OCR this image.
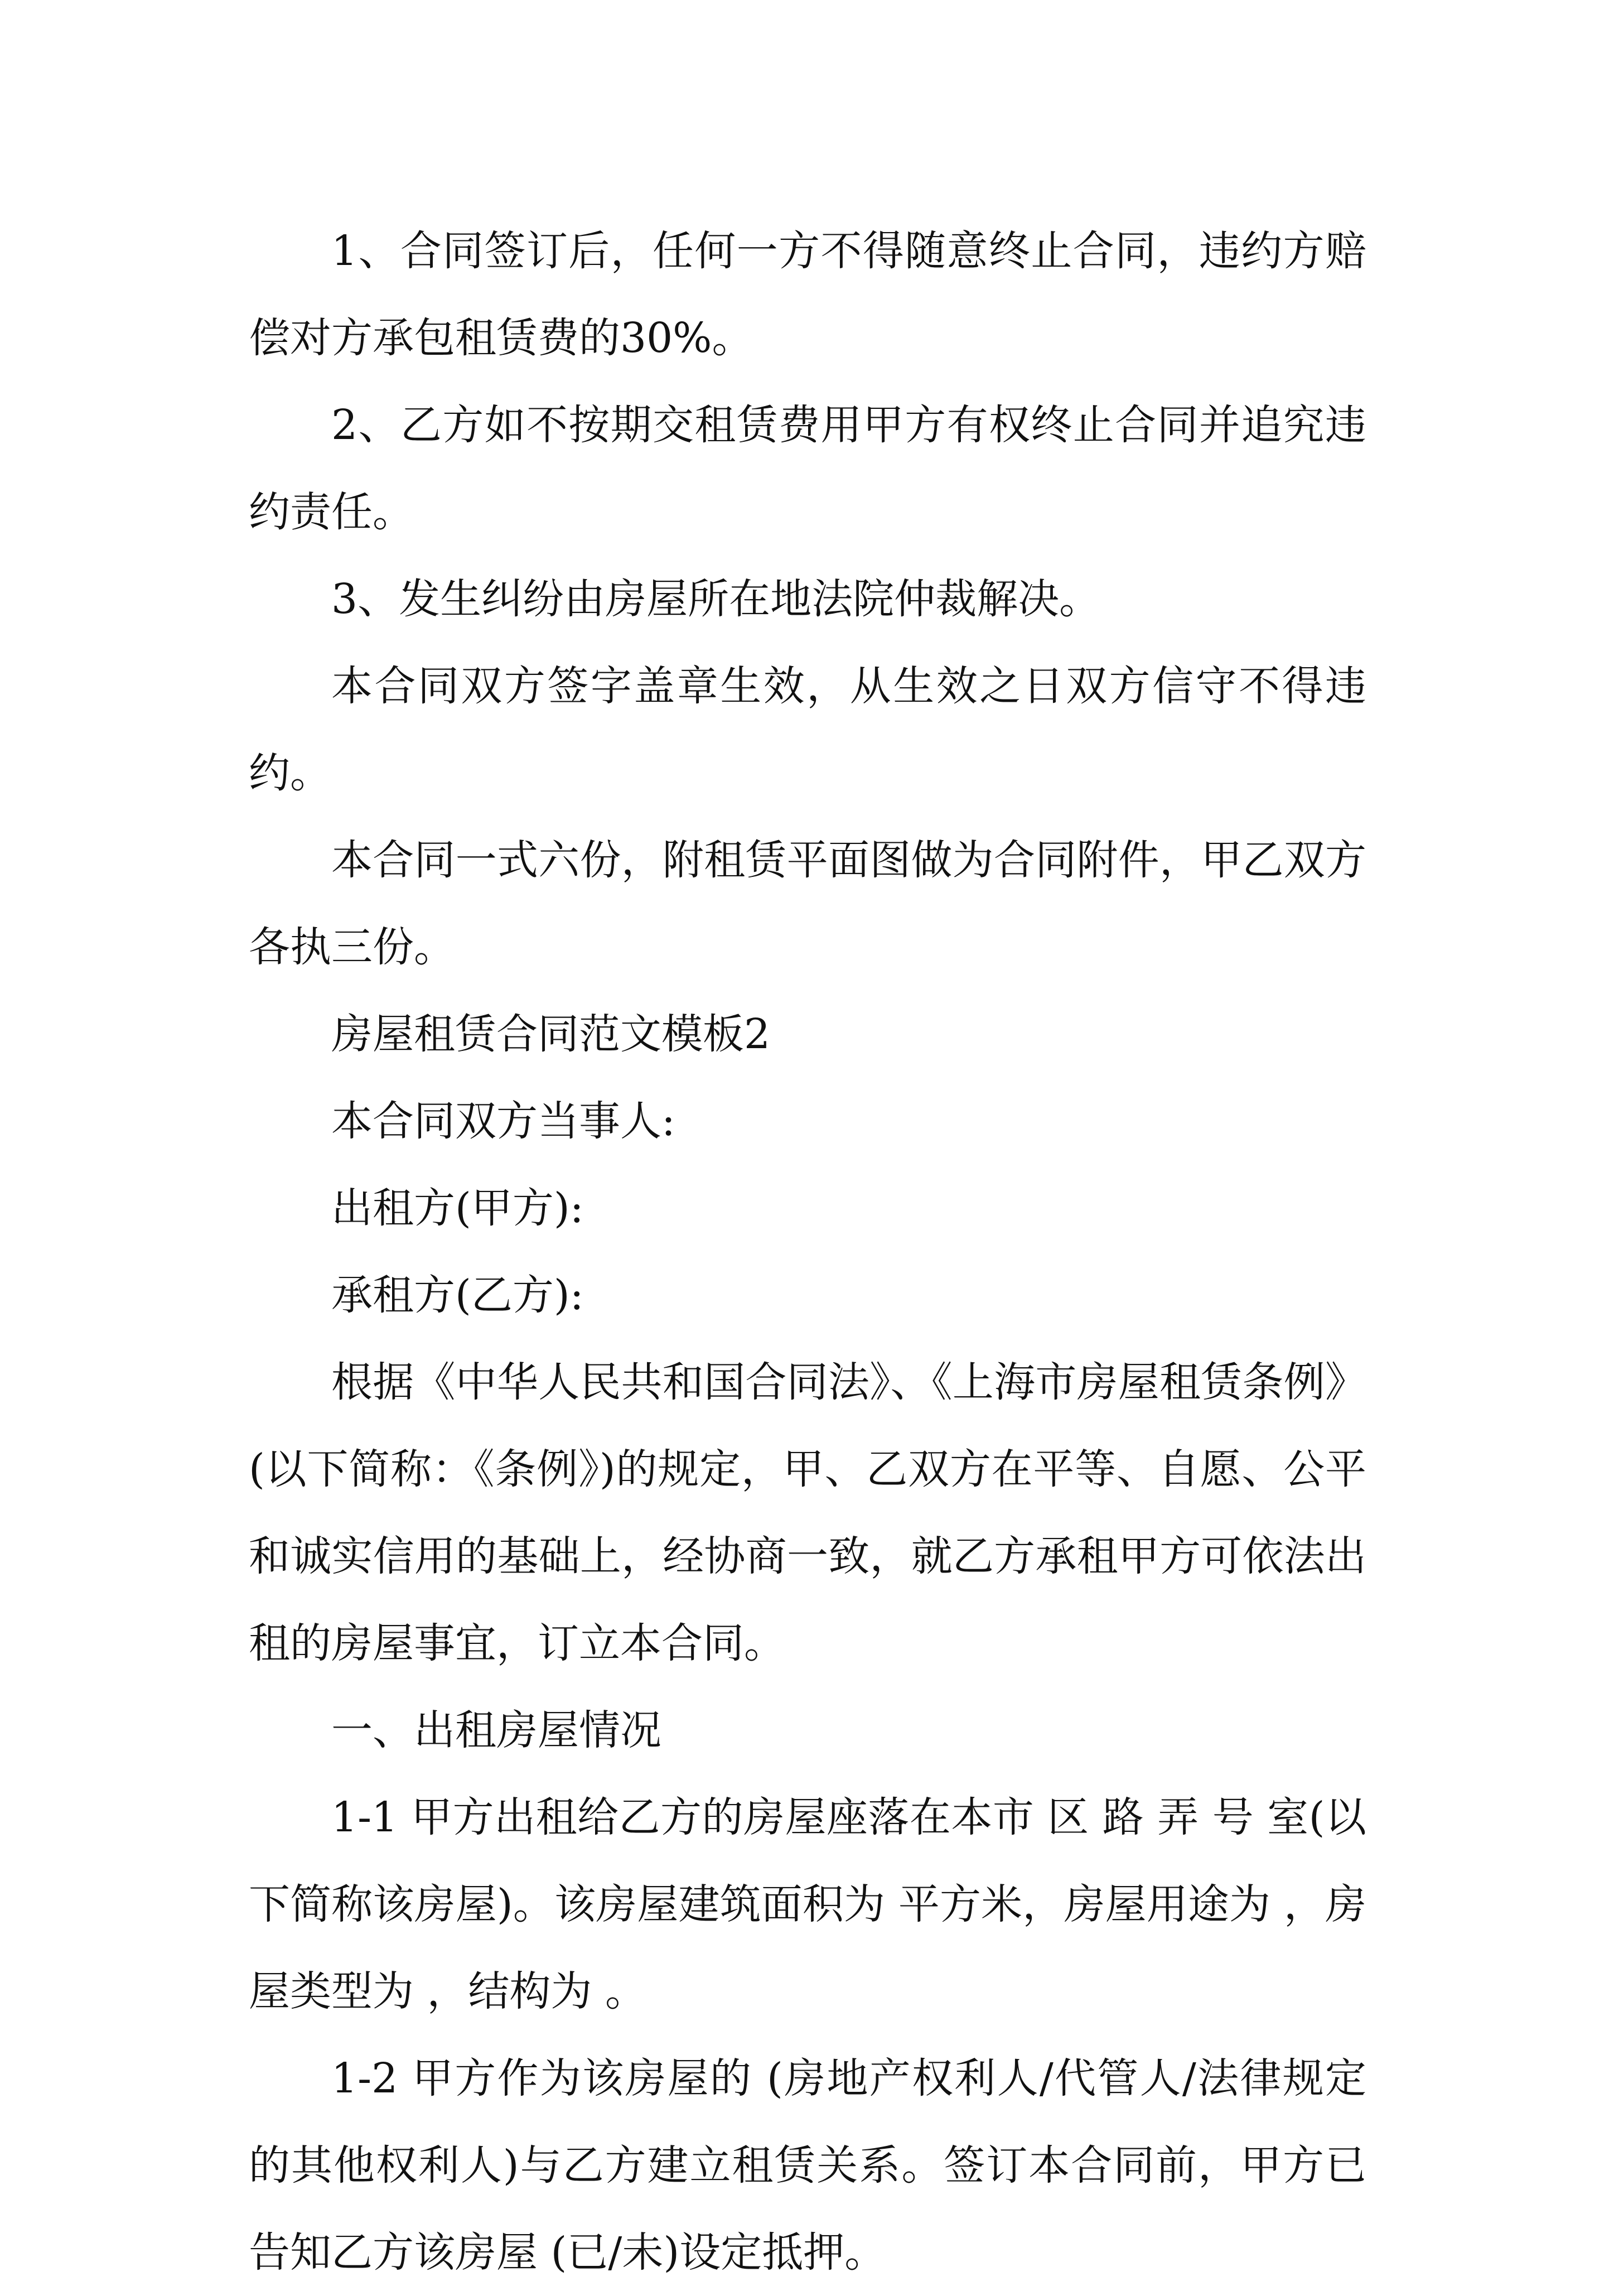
1、合同签订后，任何一方不得随意终止合同，违约方赔偿对方承包租赁费的30%。

2、乙方如不按期交租赁费用甲方有权终止合同并追究违约责任。

3、发生纠纷由房屋所在地法院仲裁解决。

本合同双方签字盖章生效，从生效之日双方信守不得违约。

本合同一式六份，附租赁平面图做为合同附件，甲乙双方各执三份。

房屋租赁合同范文模板2

本合同双方当事人:

出租方(甲方):

承租方(乙方):

根据《中华人民共和国合同法》、《上海市房屋租赁条例》(以下简称：《条例》)的规定，甲、乙双方在平等、自愿、公平和诚实信用的基础上，经协商一致，就乙方承租甲方可依法出租的房屋事宜，订立本合同。

一、出租房屋情况

1-1 甲方出租给乙方的房屋座落在本市 区 路 弄 号 室(以下简称该房屋)。该房屋建筑面积为 平方米，房屋用途为 ，房屋类型为 ，结构为 。

1-2 甲方作为该房屋的 (房地产权利人/代管人/法律规定的其他权利人)与乙方建立租赁关系。签订本合同前，甲方已告知乙方该房屋 (已/未)设定抵押。
